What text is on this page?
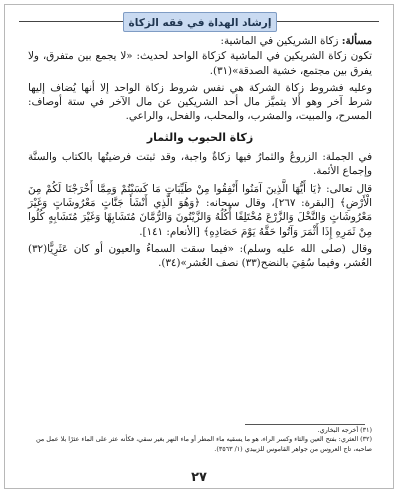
إرشاد الهداة في فقه الزكاة
٢٧

مسألة: زكاة الشريكين في الماشية:

تكون زكاة الشريكين في الماشية كزكاة الواحد لحديث: «لا يجمع بين متفرق، ولا يفرق بين مجتمع، خشية الصدقة»(٣١).

وعليه فشروط زكاة الشركة هي نفس شروط زكاة الواحد إلا أنها يُضاف إليها شرط آخر وهو ألا يتميَّز مال أحد الشريكين عن مال الآخر في ستة أوصاف: المسرح، والمبيت، والمشرب، والمحلب، والفحل، والراعي.

زكاة الحبوب والثمار

في الجملة: الزروعُ والثمارُ فيها زكاةٌ واجبة، وقد ثبتت فرضيتُها بالكتاب والسنَّة وإجماع الأئمة.

قال تعالى: ﴿يَا أَيُّهَا الَّذِينَ آمَنُوا أَنْفِقُوا مِنْ طَيِّبَاتِ مَا كَسَبْتُمْ وَمِمَّا أَخْرَجْنَا لَكُمْ مِنَ الْأَرْضِ﴾ [البقرة: ٢٦٧]، وقال سبحانه: ﴿وَهُوَ الَّذِي أَنْشَأَ جَنَّاتٍ مَعْرُوشَاتٍ وَغَيْرَ مَعْرُوشَاتٍ وَالنَّخْلَ وَالزَّرْعَ مُخْتَلِفًا أُكُلُهُ وَالزَّيْتُونَ وَالرُّمَّانَ مُتَشَابِهًا وَغَيْرَ مُتَشَابِهٍ كُلُوا مِنْ ثَمَرِهِ إِذَا أَثْمَرَ وَآتُوا حَقَّهُ يَوْمَ حَصَادِهِ﴾ [الأنعام: ١٤١].

وقال (صلى الله عليه وسلم): «فيما سقت السماءُ والعيون أو كان عَثَرِيًّا(٣٢) العُشر، وفيما سُقِيَ بالنضح(٣٣) نصف العُشر»(٣٤).

(٣١) أخرجه البخاري.
(٣٢) العثري: بفتح العين والثاء وكسر الراء، هو ما يسقيه ماء المطر أو ماء النهر بغير سقي، فكأنه عثر على الماء عثرًا بلا عمل من صاحبه، تاج العروس من جواهر القاموس للزبيدي (١/ ٣٥٦٣).
